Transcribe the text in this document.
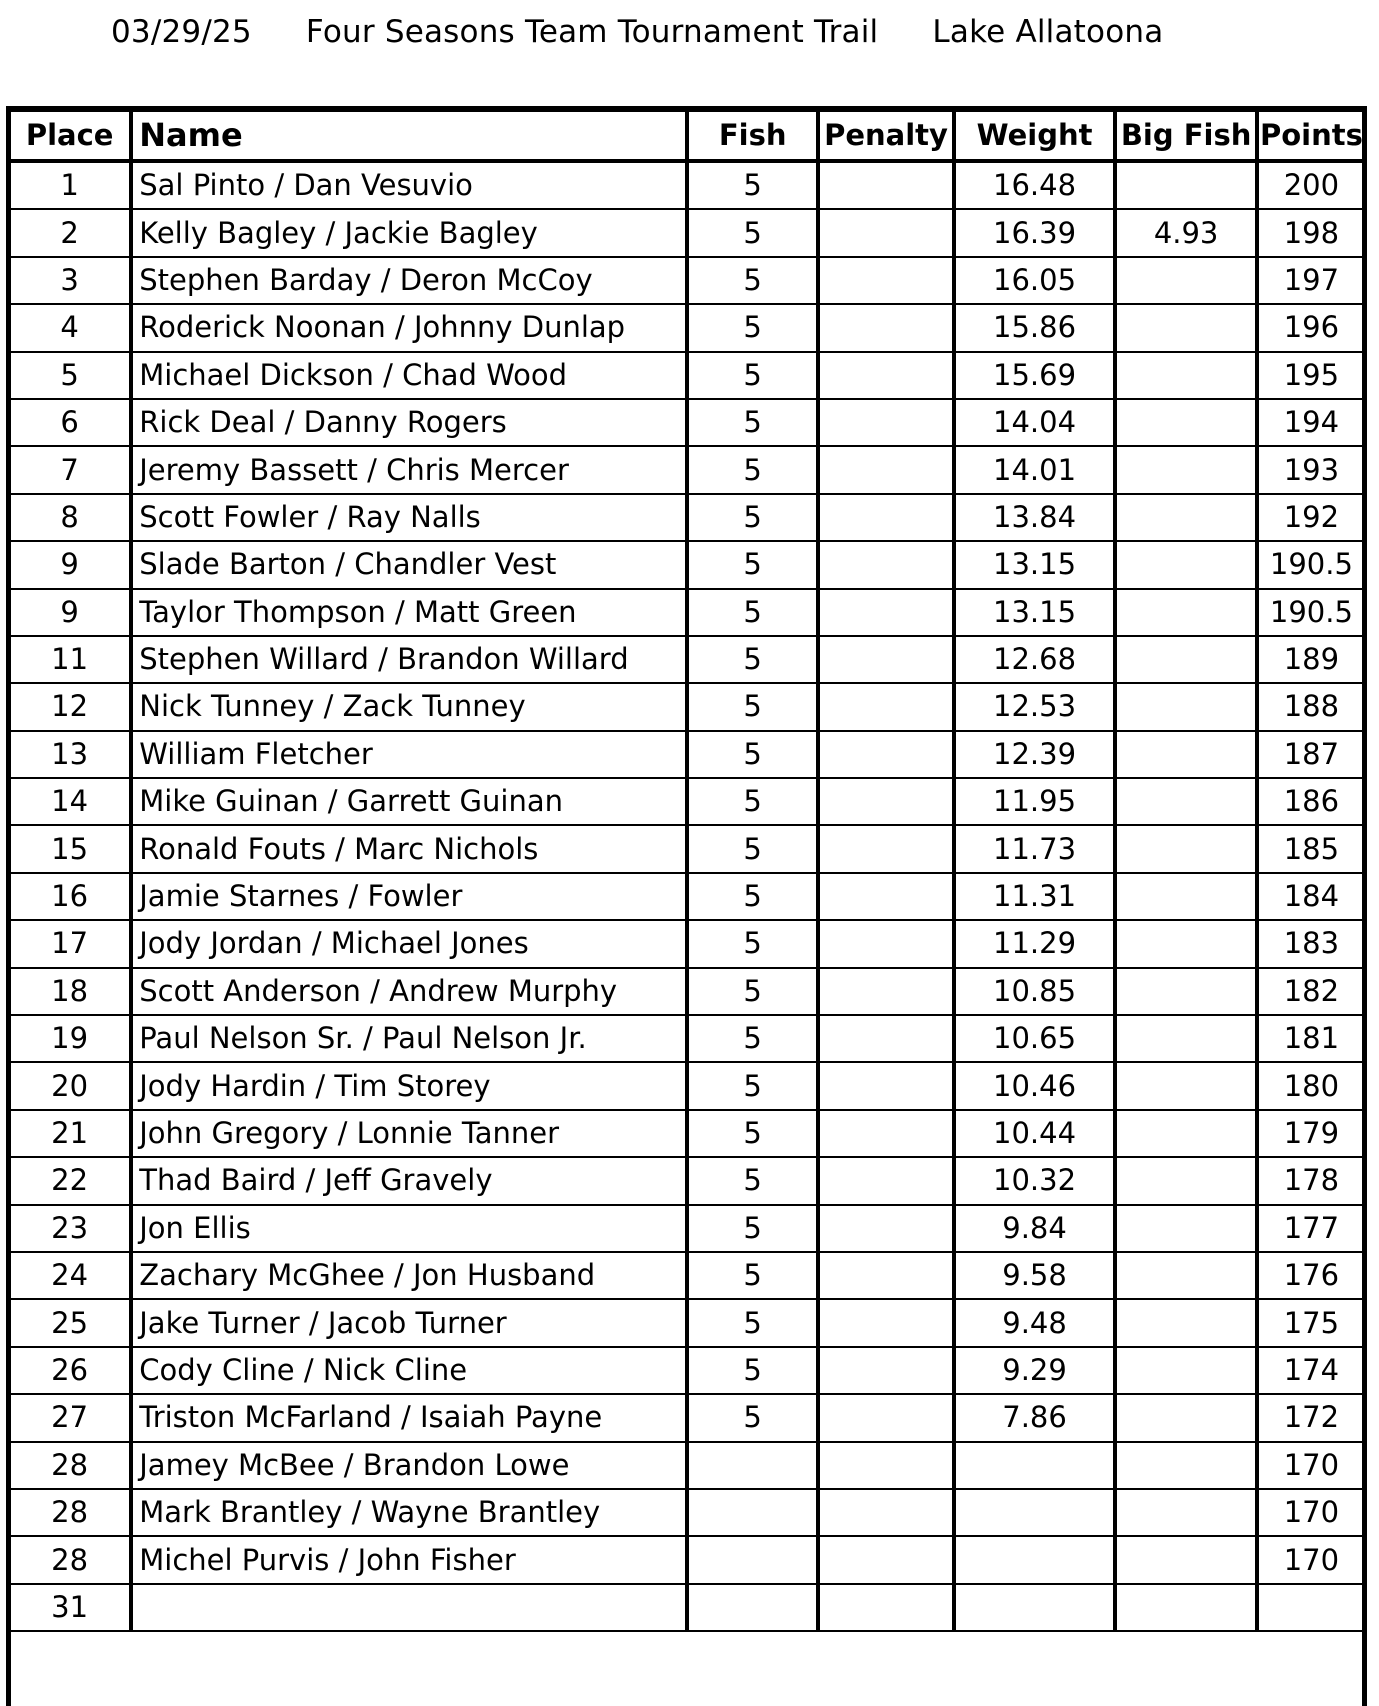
03/29/25 Four Seasons Team Tournament Trail Lake Allatoona
Place	Name	Fish	Penalty	Weight	Big Fish	Points
1	Sal Pinto / Dan Vesuvio	5		16.48		200
2	Kelly Bagley / Jackie Bagley	5		16.39	4.93	198
3	Stephen Barday / Deron McCoy	5		16.05		197
4	Roderick Noonan / Johnny Dunlap	5		15.86		196
5	Michael Dickson / Chad Wood	5		15.69		195
6	Rick Deal / Danny Rogers	5		14.04		194
7	Jeremy Bassett / Chris Mercer	5		14.01		193
8	Scott Fowler / Ray Nalls	5		13.84		192
9	Slade Barton / Chandler Vest	5		13.15		190.5
9	Taylor Thompson / Matt Green	5		13.15		190.5
11	Stephen Willard / Brandon Willard	5		12.68		189
12	Nick Tunney / Zack Tunney	5		12.53		188
13	William Fletcher	5		12.39		187
14	Mike Guinan / Garrett Guinan	5		11.95		186
15	Ronald Fouts / Marc Nichols	5		11.73		185
16	Jamie Starnes / Fowler	5		11.31		184
17	Jody Jordan / Michael Jones	5		11.29		183
18	Scott Anderson / Andrew Murphy	5		10.85		182
19	Paul Nelson Sr. / Paul Nelson Jr.	5		10.65		181
20	Jody Hardin / Tim Storey	5		10.46		180
21	John Gregory / Lonnie Tanner	5		10.44		179
22	Thad Baird / Jeff Gravely	5		10.32		178
23	Jon Ellis	5		9.84		177
24	Zachary McGhee / Jon Husband	5		9.58		176
25	Jake Turner / Jacob Turner	5		9.48		175
26	Cody Cline / Nick Cline	5		9.29		174
27	Triston McFarland / Isaiah Payne	5		7.86		172
28	Jamey McBee / Brandon Lowe					170
28	Mark Brantley / Wayne Brantley					170
28	Michel Purvis / John Fisher					170
31						
